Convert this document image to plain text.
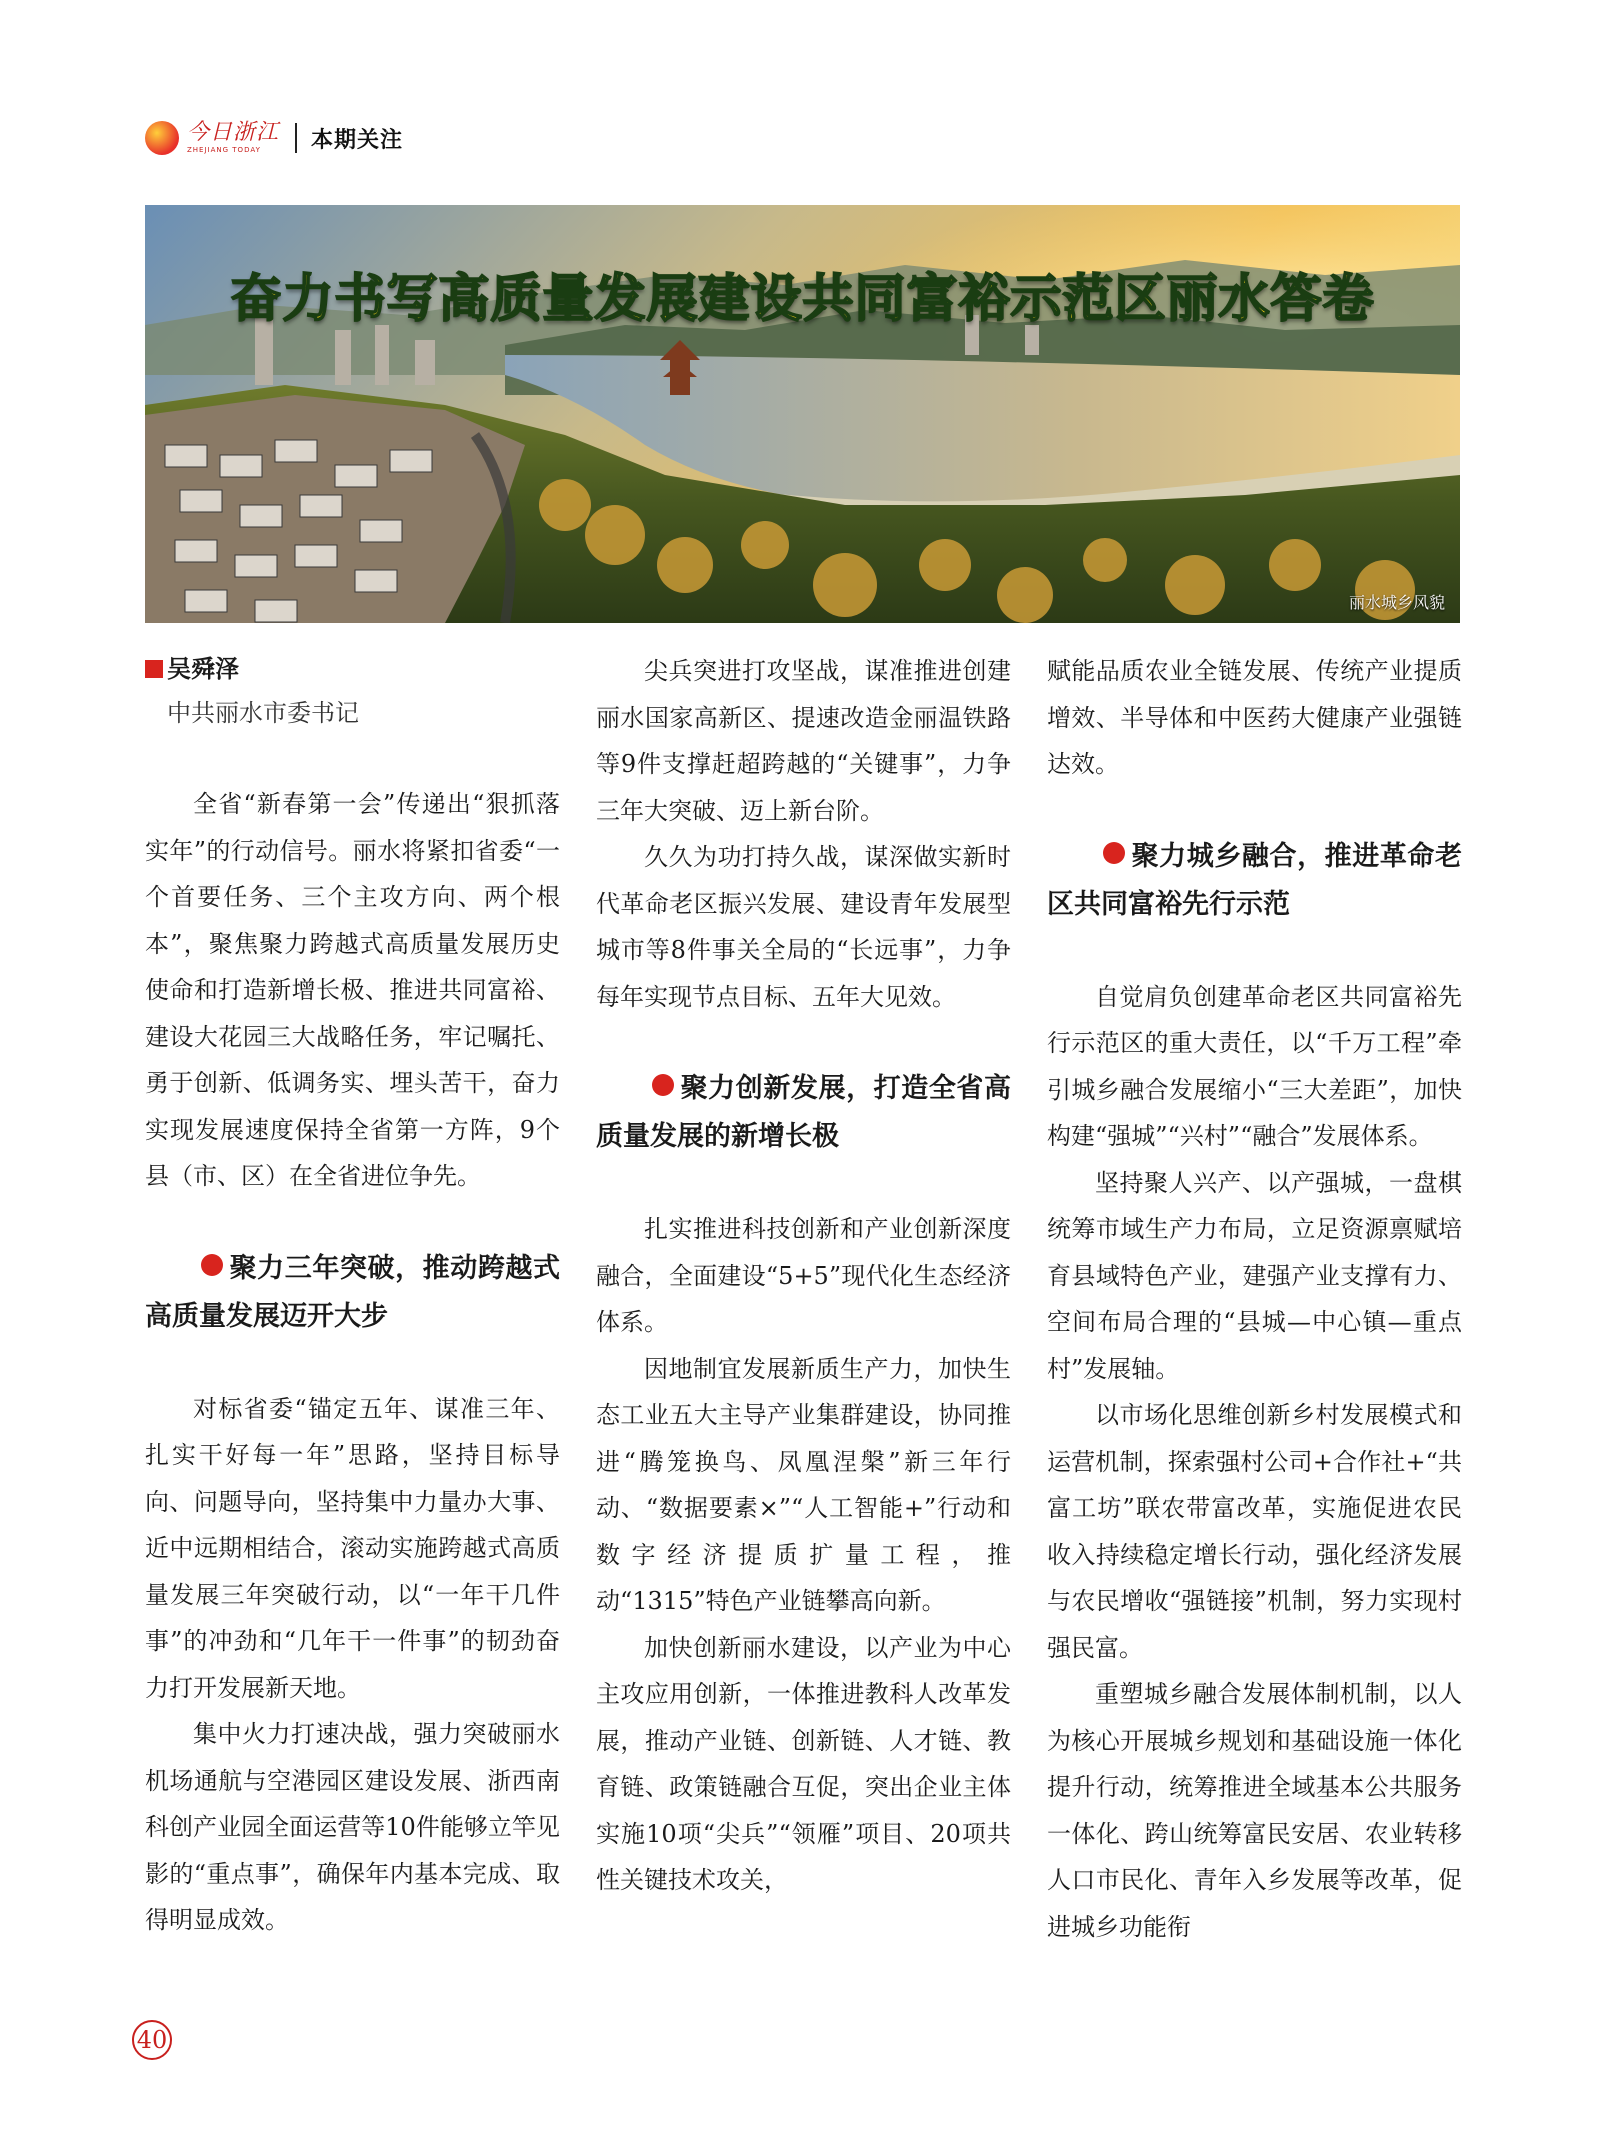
今日浙江
ZHEJIANG TODAY	本期关注
奋力书写高质量发展建设共同富裕示范区丽水答卷
丽水城乡风貌
吴舜泽
中共丽水市委书记

全省“新春第一会”传递出“狠抓落实年”的行动信号。丽水将紧扣省委“一个首要任务、三个主攻方向、两个根本”，聚焦聚力跨越式高质量发展历史使命和打造新增长极、推进共同富裕、建设大花园三大战略任务，牢记嘱托、勇于创新、低调务实、埋头苦干，奋力实现发展速度保持全省第一方阵，9个县（市、区）在全省进位争先。

聚力三年突破，推动跨越式高质量发展迈开大步

对标省委“锚定五年、谋准三年、扎实干好每一年”思路，坚持目标导向、问题导向，坚持集中力量办大事、近中远期相结合，滚动实施跨越式高质量发展三年突破行动，以“一年干几件事”的冲劲和“几年干一件事”的韧劲奋力打开发展新天地。

集中火力打速决战，强力突破丽水机场通航与空港园区建设发展、浙西南科创产业园全面运营等10件能够立竿见影的“重点事”，确保年内基本完成、取得明显成效。

尖兵突进打攻坚战，谋准推进创建丽水国家高新区、提速改造金丽温铁路等9件支撑赶超跨越的“关键事”，力争三年大突破、迈上新台阶。

久久为功打持久战，谋深做实新时代革命老区振兴发展、建设青年发展型城市等8件事关全局的“长远事”，力争每年实现节点目标、五年大见效。

聚力创新发展，打造全省高质量发展的新增长极

扎实推进科技创新和产业创新深度融合，全面建设“5+5”现代化生态经济体系。

因地制宜发展新质生产力，加快生态工业五大主导产业集群建设，协同推进“腾笼换鸟、凤凰涅槃”新三年行动、“数据要素×”“人工智能+”行动和数字经济提质扩量工程，推动“1315”特色产业链攀高向新。

加快创新丽水建设，以产业为中心主攻应用创新，一体推进教科人改革发展，推动产业链、创新链、人才链、教育链、政策链融合互促，突出企业主体实施10项“尖兵”“领雁”项目、20项共性关键技术攻关，

赋能品质农业全链发展、传统产业提质增效、半导体和中医药大健康产业强链达效。

聚力城乡融合，推进革命老区共同富裕先行示范

自觉肩负创建革命老区共同富裕先行示范区的重大责任，以“千万工程”牵引城乡融合发展缩小“三大差距”，加快构建“强城”“兴村”“融合”发展体系。

坚持聚人兴产、以产强城，一盘棋统筹市域生产力布局，立足资源禀赋培育县域特色产业，建强产业支撑有力、空间布局合理的“县城—中心镇—重点村”发展轴。

以市场化思维创新乡村发展模式和运营机制，探索强村公司+合作社+“共富工坊”联农带富改革，实施促进农民收入持续稳定增长行动，强化经济发展与农民增收“强链接”机制，努力实现村强民富。

重塑城乡融合发展体制机制，以人为核心开展城乡规划和基础设施一体化提升行动，统筹推进全域基本公共服务一体化、跨山统筹富民安居、农业转移人口市民化、青年入乡发展等改革，促进城乡功能衔

40
